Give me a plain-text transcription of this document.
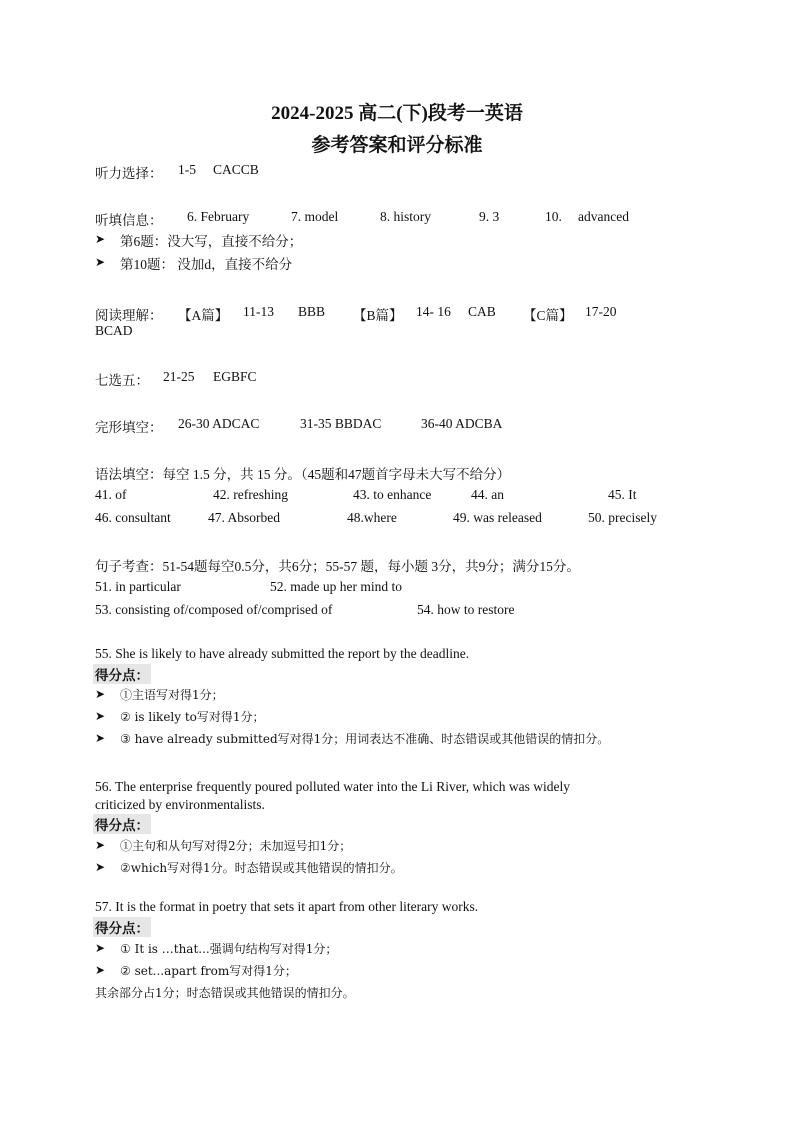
2024-2025 高二(下)段考一英语
参考答案和评分标准
听力选择： 1-5 CACCB
听填信息： 6. February	7. model	8. history	9. 3	10. advanced
➤ 第6题：没大写，直接不给分；
➤ 第10题： 没加d，直接不给分
阅读理解： 【A篇】 11-13 BBB 【B篇】 14- 16 CAB 【C篇】 17-20
BCAD
七选五： 21-25 EGBFC
完形填空： 26-30 ADCAC	31-35 BBDAC	36-40 ADCBA
语法填空：每空 1.5 分，共 15 分。（45题和47题首字母未大写不给分）
41. of	42. refreshing	43. to enhance	44. an	45. It
46. consultant	47. Absorbed	48.where	49. was released	50. precisely
句子考查：51-54题每空0.5分，共6分；55-57 题，每小题 3分，共9分；满分15分。
51. in particular	52. made up her mind to
53. consisting of/composed of/comprised of	54. how to restore
55. She is likely to have already submitted the report by the deadline.
得分点：
➤ ①主语写对得1分；
➤ ② is likely to写对得1分；
➤ ③ have already submitted写对得1分；用词表达不准确、时态错误或其他错误的情扣分。
56. The enterprise frequently poured polluted water into the Li River, which was widely
criticized by environmentalists.
得分点：
➤ ①主句和从句写对得2分；未加逗号扣1分；
➤ ②which写对得1分。时态错误或其他错误的情扣分。
57. It is the format in poetry that sets it apart from other literary works.
得分点：
➤ ① It is …that...强调句结构写对得1分；
➤ ② set...apart from写对得1分；
其余部分占1分；时态错误或其他错误的情扣分。
